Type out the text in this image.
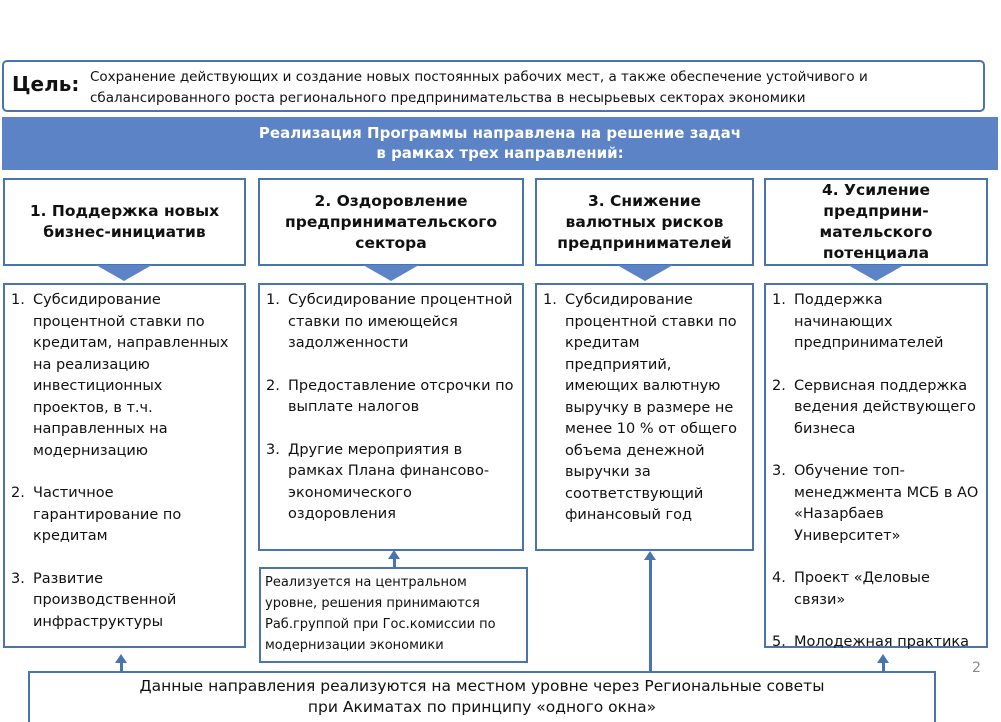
Цель: Сохранение действующих и создание новых постоянных рабочих мест, а также обеспечение устойчивого и сбалансированного роста регионального предпринимательства в несырьевых секторах экономики
Реализация Программы направлена на решение задач
в рамках трех направлений:
1. Поддержка новых бизнес-инициатив
2. Оздоровление предпринимательского сектора
3. Снижение валютных рисков предпринимателей
4. Усиление предприни-мательского потенциала
1. Субсидирование процентной ставки по кредитам, направленных на реализацию инвестиционных проектов, в т.ч. направленных на модернизацию
2. Частичное гарантирование по кредитам
3. Развитие производственной инфраструктуры
1. Субсидирование процентной ставки по имеющейся задолженности
2. Предоставление отсрочки по выплате налогов
3. Другие мероприятия в рамках Плана финансово-экономического оздоровления
1. Субсидирование процентной ставки по кредитам предприятий, имеющих валютную выручку в размере не менее 10 % от общего объема денежной выручки за соответствующий финансовый год
1. Поддержка начинающих предпринимателей
2. Сервисная поддержка ведения действующего бизнеса
3. Обучение топ-менеджмента МСБ в АО «Назарбаев Университет»
4. Проект «Деловые связи»
5. Молодежная практика
Реализуется на центральном уровне, решения принимаются Раб.группой при Гос.комиссии по модернизации экономики
Данные направления реализуются на местном уровне через Региональные советы
при Акиматах по принципу «одного окна»
2
